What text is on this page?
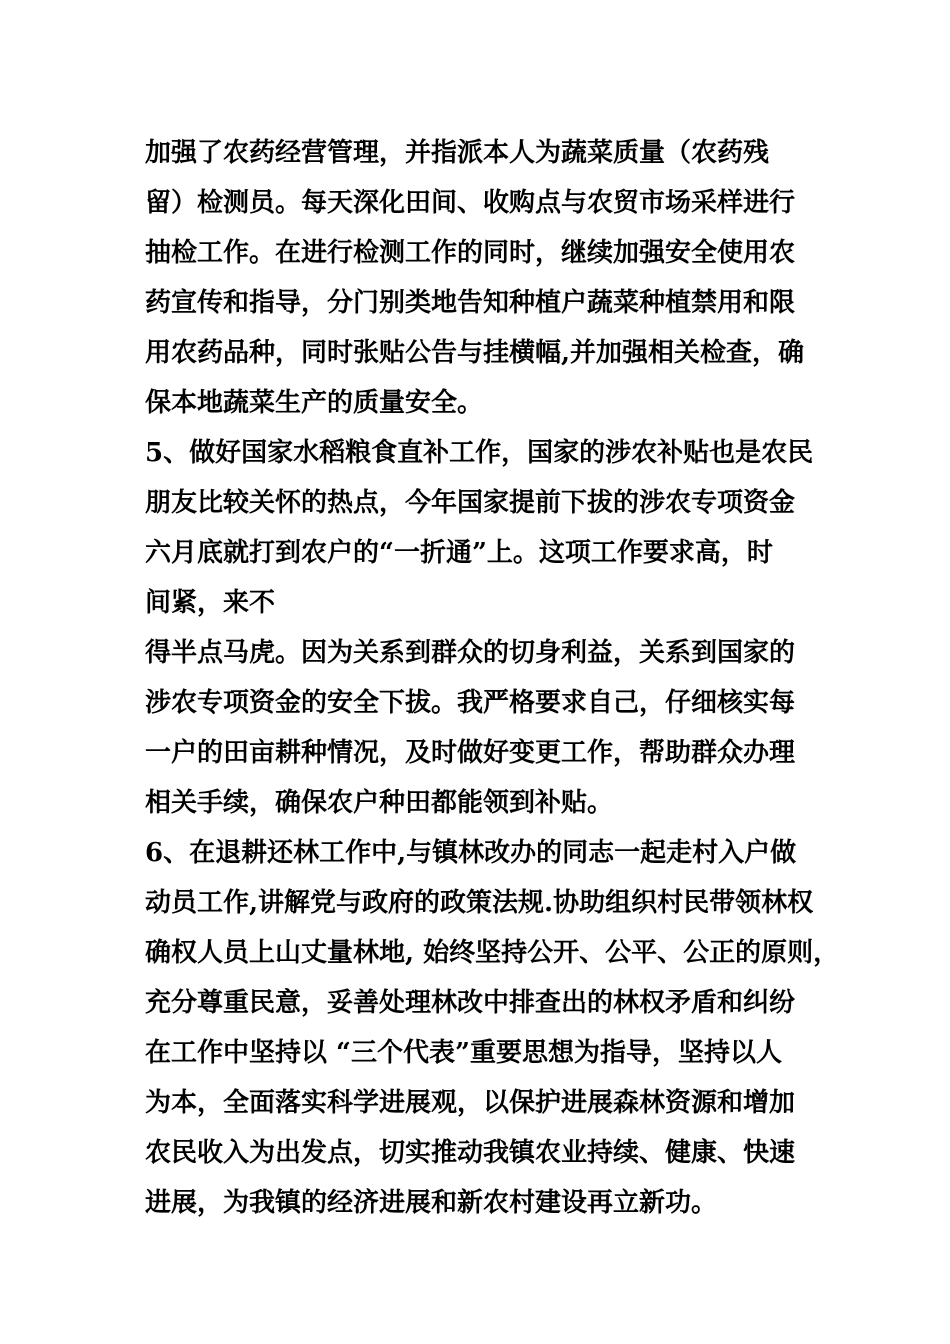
加强了农药经营管理，并指派本人为蔬菜质量（农药残
留）检测员。每天深化田间、收购点与农贸市场采样进行
抽检工作。在进行检测工作的同时，继续加强安全使用农
药宣传和指导，分门别类地告知种植户蔬菜种植禁用和限
用农药品种，同时张贴公告与挂横幅,并加强相关检查，确
保本地蔬菜生产的质量安全。
5、做好国家水稻粮食直补工作，国家的涉农补贴也是农民
朋友比较关怀的热点，今年国家提前下拔的涉农专项资金
六月底就打到农户的“一折通”上。这项工作要求高，时
间紧，来不
得半点马虎。因为关系到群众的切身利益，关系到国家的
涉农专项资金的安全下拔。我严格要求自己，仔细核实每
一户的田亩耕种情况，及时做好变更工作，帮助群众办理
相关手续，确保农户种田都能领到补贴。
6、在退耕还林工作中,与镇林改办的同志一起走村入户做
动员工作,讲解党与政府的政策法规.协助组织村民带领林权
确权人员上山丈量林地, 始终坚持公开、公平、公正的原则，
充分尊重民意，妥善处理林改中排查出的林权矛盾和纠纷
在工作中坚持以 “三个代表”重要思想为指导，坚持以人
为本，全面落实科学进展观，以保护进展森林资源和增加
农民收入为出发点，切实推动我镇农业持续、健康、快速
进展，为我镇的经济进展和新农村建设再立新功。
